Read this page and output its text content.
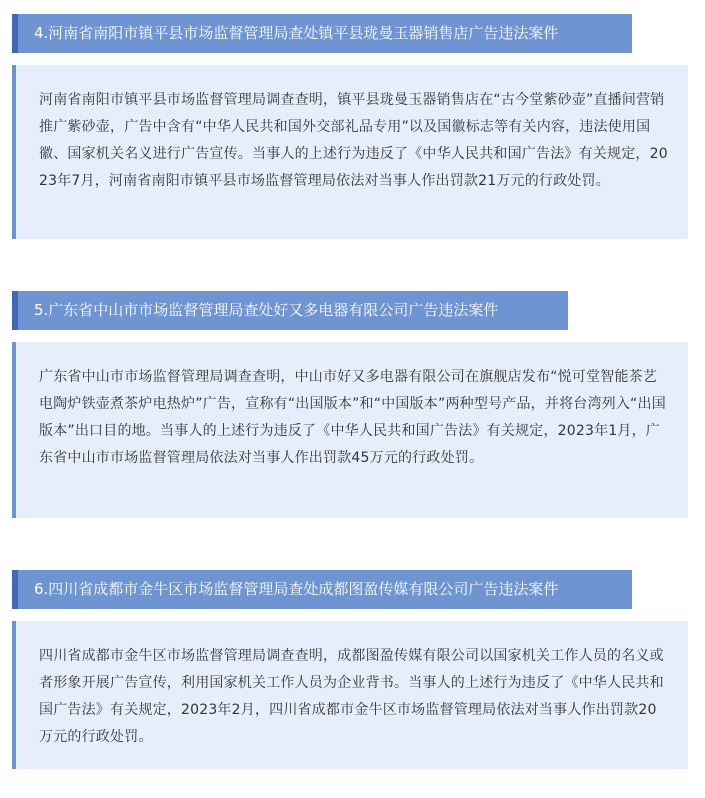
4.河南省南阳市镇平县市场监督管理局查处镇平县珑曼玉器销售店广告违法案件
河南省南阳市镇平县市场监督管理局调查查明，镇平县珑曼玉器销售店在“古今堂紫砂壶”直播间营销推广紫砂壶，广告中含有“中华人民共和国外交部礼品专用”以及国徽标志等有关内容，违法使用国徽、国家机关名义进行广告宣传。当事人的上述行为违反了《中华人民共和国广告法》有关规定，2023年7月，河南省南阳市镇平县市场监督管理局依法对当事人作出罚款21万元的行政处罚。
5.广东省中山市市场监督管理局查处好又多电器有限公司广告违法案件
广东省中山市市场监督管理局调查查明，中山市好又多电器有限公司在旗舰店发布“悦可堂智能茶艺电陶炉铁壶煮茶炉电热炉”广告，宣称有“出国版本”和“中国版本”两种型号产品，并将台湾列入“出国版本”出口目的地。当事人的上述行为违反了《中华人民共和国广告法》有关规定，2023年1月，广东省中山市市场监督管理局依法对当事人作出罚款45万元的行政处罚。
6.四川省成都市金牛区市场监督管理局查处成都图盈传媒有限公司广告违法案件
四川省成都市金牛区市场监督管理局调查查明，成都图盈传媒有限公司以国家机关工作人员的名义或者形象开展广告宣传，利用国家机关工作人员为企业背书。当事人的上述行为违反了《中华人民共和国广告法》有关规定，2023年2月，四川省成都市金牛区市场监督管理局依法对当事人作出罚款20万元的行政处罚。
